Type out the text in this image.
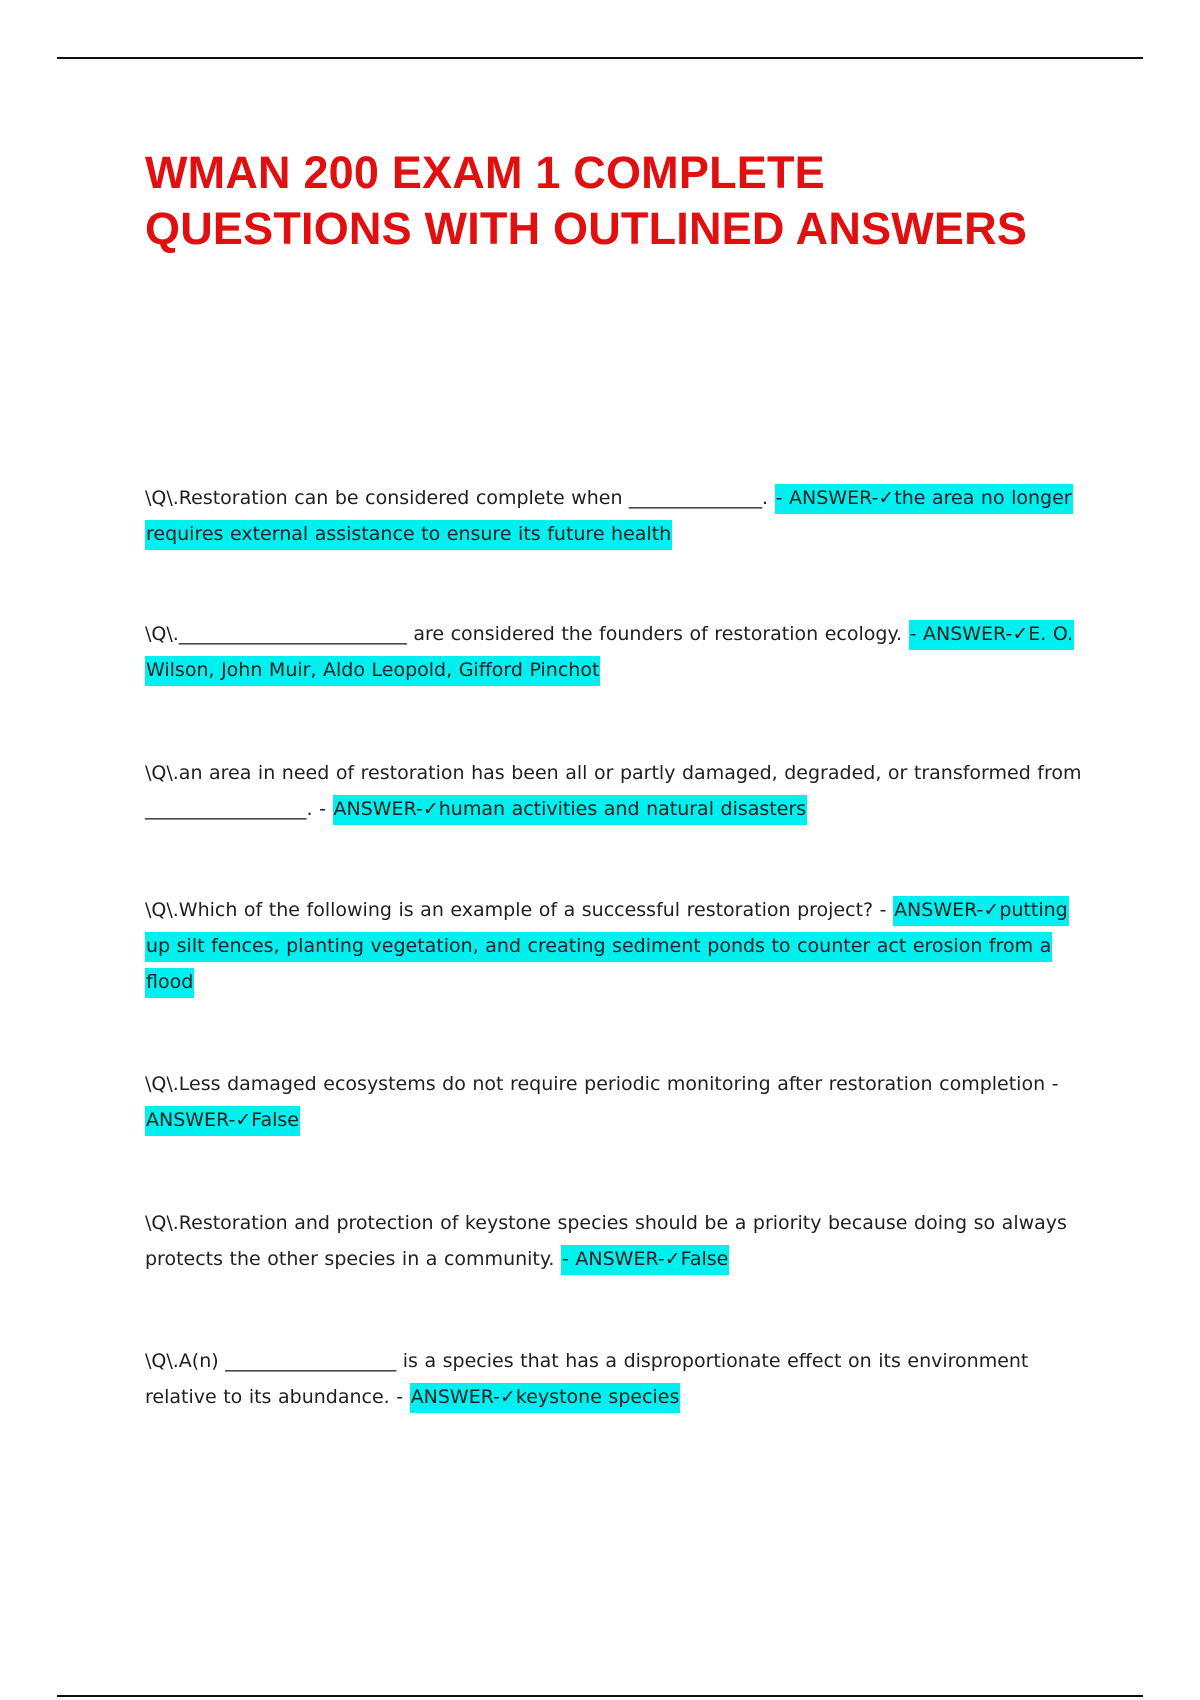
WMAN 200 EXAM 1 COMPLETE QUESTIONS WITH OUTLINED ANSWERS

\Q\.Restoration can be considered complete when ______________. - ANSWER-✓the area no longer requires external assistance to ensure its future health

\Q\.________________________ are considered the founders of restoration ecology. - ANSWER-✓E. O. Wilson, John Muir, Aldo Leopold, Gifford Pinchot

\Q\.an area in need of restoration has been all or partly damaged, degraded, or transformed from _________________. - ANSWER-✓human activities and natural disasters

\Q\.Which of the following is an example of a successful restoration project? - ANSWER-✓putting up silt fences, planting vegetation, and creating sediment ponds to counter act erosion from a flood

\Q\.Less damaged ecosystems do not require periodic monitoring after restoration completion - ANSWER-✓False

\Q\.Restoration and protection of keystone species should be a priority because doing so always protects the other species in a community. - ANSWER-✓False

\Q\.A(n) __________________ is a species that has a disproportionate effect on its environment relative to its abundance. - ANSWER-✓keystone species
